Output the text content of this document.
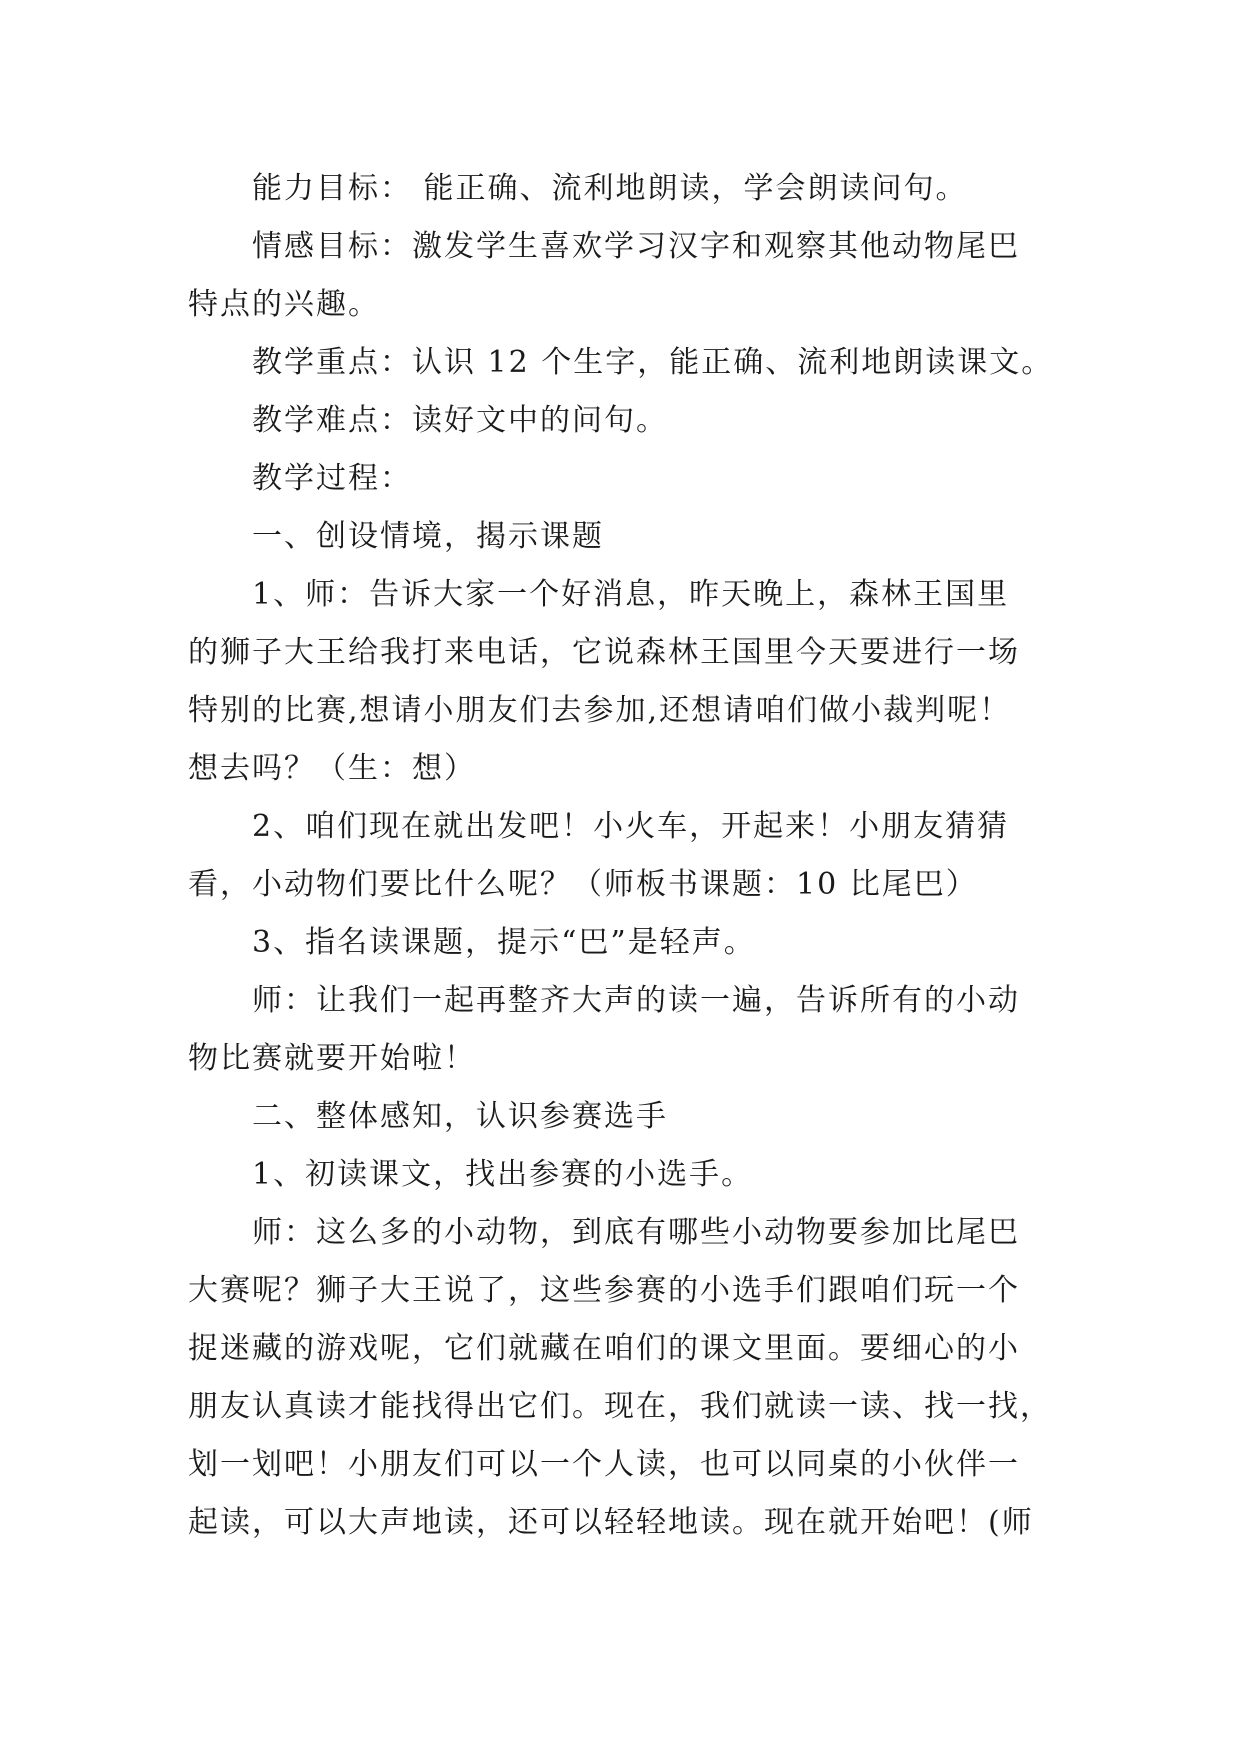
能力目标： 能正确、流利地朗读，学会朗读问句。
情感目标：激发学生喜欢学习汉字和观察其他动物尾巴
特点的兴趣。
教学重点：认识 12 个生字，能正确、流利地朗读课文。
教学难点：读好文中的问句。
教学过程：
一、创设情境，揭示课题
1、师：告诉大家一个好消息，昨天晚上，森林王国里
的狮子大王给我打来电话，它说森林王国里今天要进行一场
特别的比赛,想请小朋友们去参加,还想请咱们做小裁判呢！
想去吗？（生：想）
2、咱们现在就出发吧！小火车，开起来！小朋友猜猜
看，小动物们要比什么呢？（师板书课题：10 比尾巴）
3、指名读课题，提示“巴”是轻声。
师：让我们一起再整齐大声的读一遍，告诉所有的小动
物比赛就要开始啦！
二、整体感知，认识参赛选手
1、初读课文，找出参赛的小选手。
师：这么多的小动物，到底有哪些小动物要参加比尾巴
大赛呢？狮子大王说了，这些参赛的小选手们跟咱们玩一个
捉迷藏的游戏呢，它们就藏在咱们的课文里面。要细心的小
朋友认真读才能找得出它们。现在，我们就读一读、找一找，
划一划吧！小朋友们可以一个人读，也可以同桌的小伙伴一
起读，可以大声地读，还可以轻轻地读。现在就开始吧！(师
